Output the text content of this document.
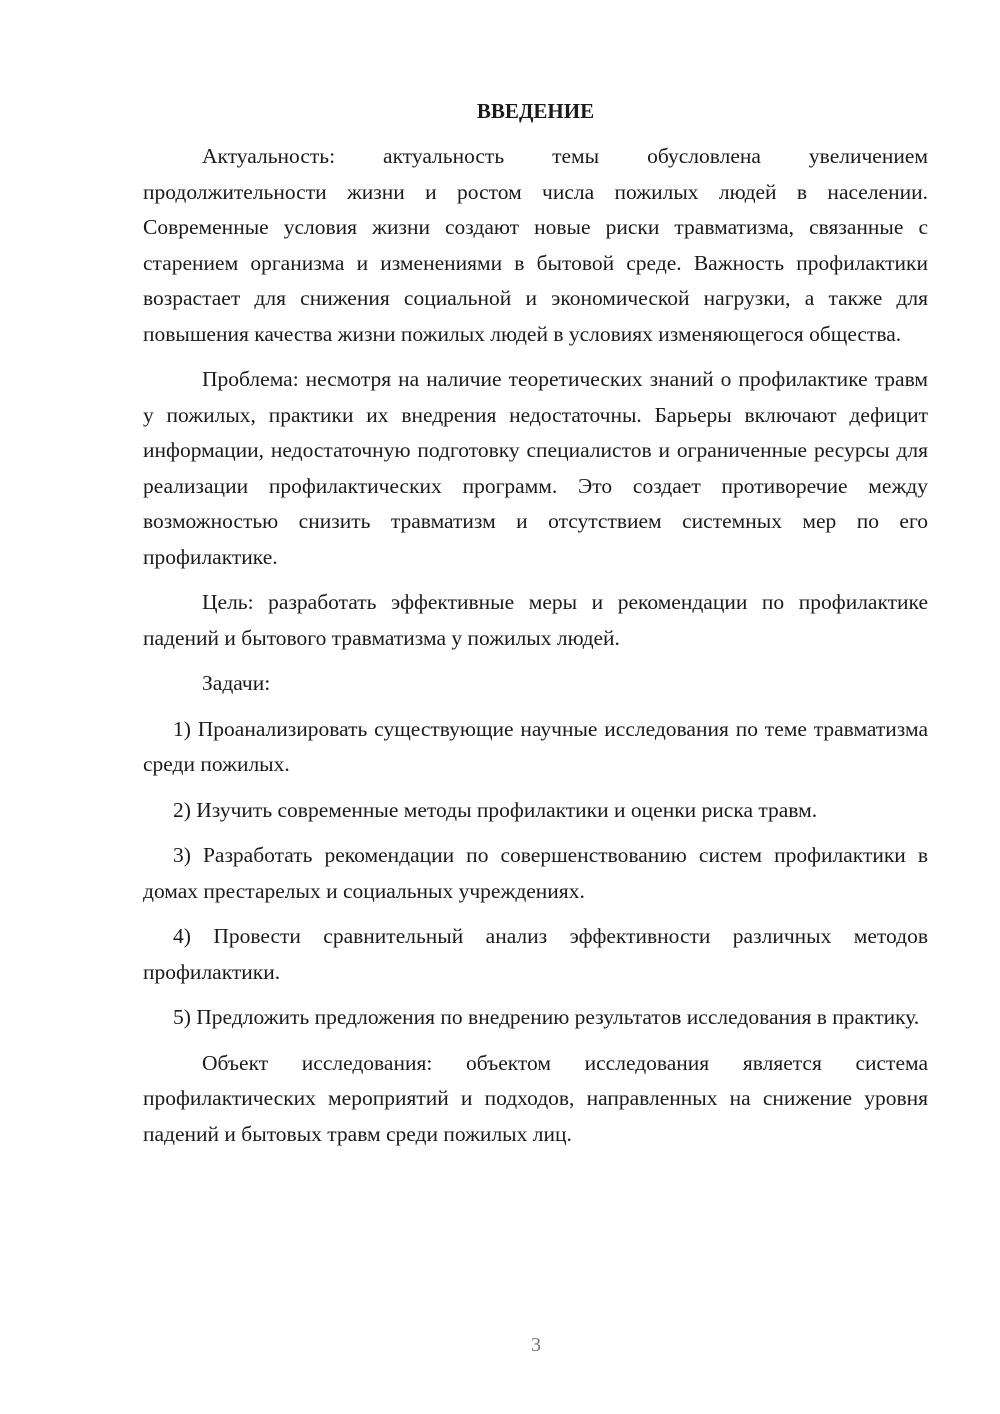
ВВЕДЕНИЕ

Актуальность: актуальность темы обусловлена увеличением продолжительности жизни и ростом числа пожилых людей в населении. Современные условия жизни создают новые риски травматизма, связанные с старением организма и изменениями в бытовой среде. Важность профилактики возрастает для снижения социальной и экономической нагрузки, а также для повышения качества жизни пожилых людей в условиях изменяющегося общества.

Проблема: несмотря на наличие теоретических знаний о профилактике травм у пожилых, практики их внедрения недостаточны. Барьеры включают дефицит информации, недостаточную подготовку специалистов и ограниченные ресурсы для реализации профилактических программ. Это создает противоречие между возможностью снизить травматизм и отсутствием системных мер по его профилактике.

Цель: разработать эффективные меры и рекомендации по профилактике падений и бытового травматизма у пожилых людей.

Задачи:

1) Проанализировать существующие научные исследования по теме травматизма среди пожилых.

2) Изучить современные методы профилактики и оценки риска травм.

3) Разработать рекомендации по совершенствованию систем профилактики в домах престарелых и социальных учреждениях.

4) Провести сравнительный анализ эффективности различных методов профилактики.

5) Предложить предложения по внедрению результатов исследования в практику.

Объект исследования: объектом исследования является система профилактических мероприятий и подходов, направленных на снижение уровня падений и бытовых травм среди пожилых лиц.

3
